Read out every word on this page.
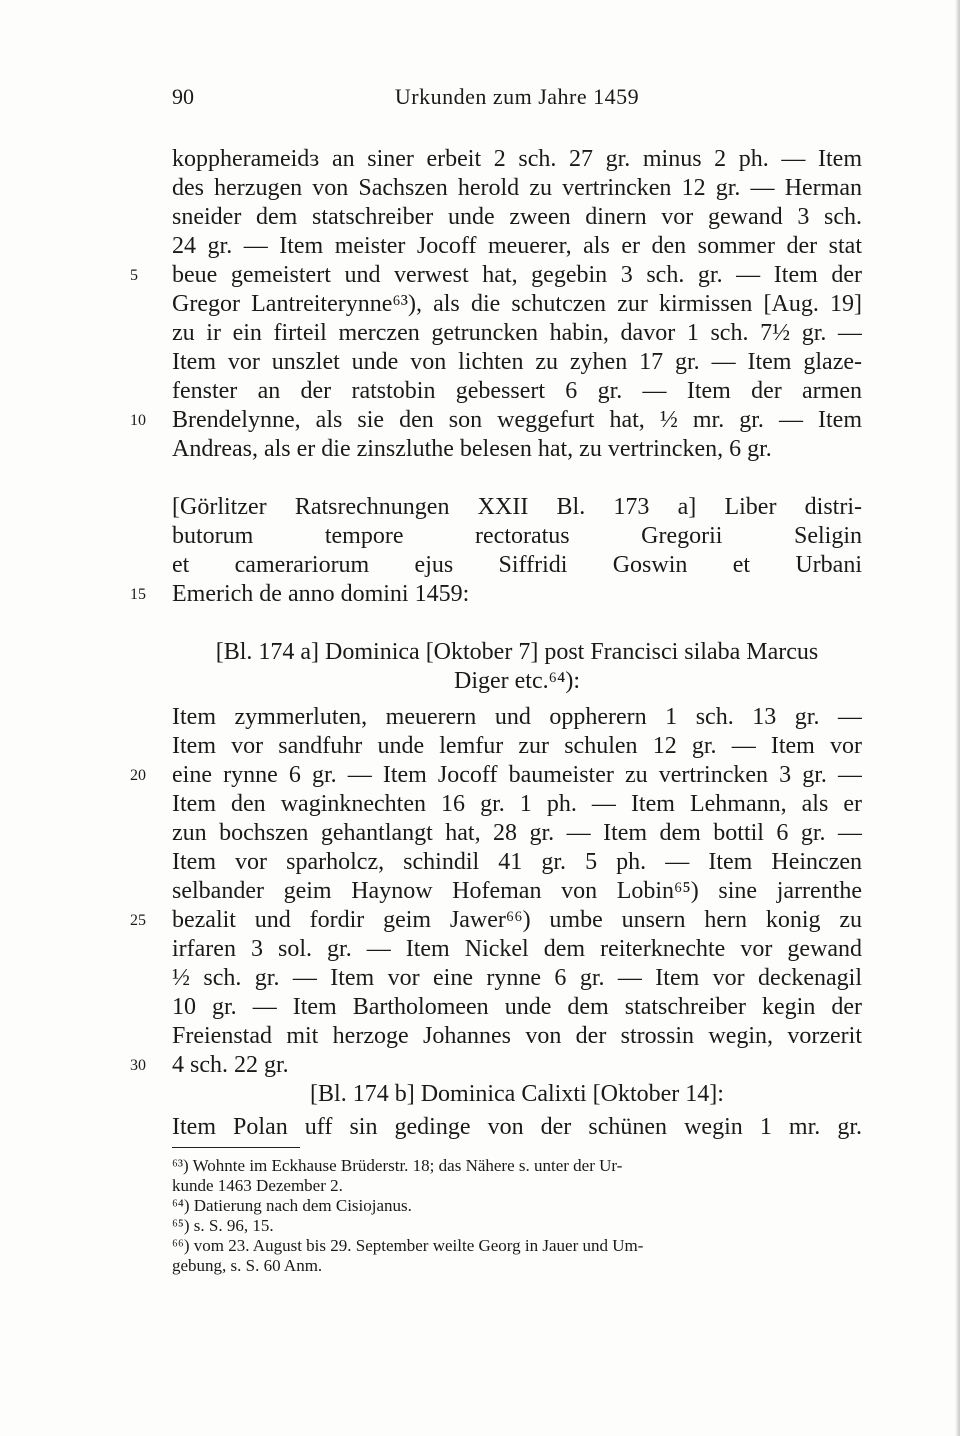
90	Urkunden zum Jahre 1459
koppherameidɜ an siner erbeit 2 sch. 27 gr. minus 2 ph. — Item
des herzugen von Sachszen herold zu vertrincken 12 gr. — Herman
sneider dem statschreiber unde zween dinern vor gewand 3 sch.
24 gr. — Item meister Jocoff meuerer, als er den sommer der stat
beue gemeistert und verwest hat, gegebin 3 sch. gr. — Item der
Gregor Lantreiterynne⁶³), als die schutczen zur kirmissen [Aug. 19]
zu ir ein firteil merczen getruncken habin, davor 1 sch. 7½ gr. —
Item vor unszlet unde von lichten zu zyhen 17 gr. — Item glaze-
fenster an der ratstobin gebessert 6 gr. — Item der armen
Brendelynne, als sie den son weggefurt hat, ½ mr. gr. — Item
Andreas, als er die zinszluthe belesen hat, zu vertrincken, 6 gr.
[Görlitzer Ratsrechnungen XXII Bl. 173 a] Liber distri-
butorum tempore rectoratus Gregorii Seligin
et camerariorum ejus Siffridi Goswin et Urbani
Emerich de anno domini 1459:
[Bl. 174 a] Dominica [Oktober 7] post Francisci silaba Marcus
Diger etc.⁶⁴):
Item zymmerluten, meuerern und oppherern 1 sch. 13 gr. —
Item vor sandfuhr unde lemfur zur schulen 12 gr. — Item vor
eine rynne 6 gr. — Item Jocoff baumeister zu vertrincken 3 gr. —
Item den waginknechten 16 gr. 1 ph. — Item Lehmann, als er
zun bochszen gehantlangt hat, 28 gr. — Item dem bottil 6 gr. —
Item vor sparholcz, schindil 41 gr. 5 ph. — Item Heinczen
selbander geim Haynow Hofeman von Lobin⁶⁵) sine jarrenthe
bezalit und fordir geim Jawer⁶⁶) umbe unsern hern konig zu
irfaren 3 sol. gr. — Item Nickel dem reiterknechte vor gewand
½ sch. gr. — Item vor eine rynne 6 gr. — Item vor deckenagil
10 gr. — Item Bartholomeen unde dem statschreiber kegin der
Freienstad mit herzoge Johannes von der strossin wegin, vorzerit
4 sch. 22 gr.
[Bl. 174 b] Dominica Calixti [Oktober 14]:
Item Polan uff sin gedinge von der schünen wegin 1 mr. gr.
5
10
15
20
25
30
⁶³) Wohnte im Eckhause Brüderstr. 18; das Nähere s. unter der Ur-
kunde 1463 Dezember 2.
⁶⁴) Datierung nach dem Cisiojanus.
⁶⁵) s. S. 96, 15.
⁶⁶) vom 23. August bis 29. September weilte Georg in Jauer und Um-
gebung, s. S. 60 Anm.
